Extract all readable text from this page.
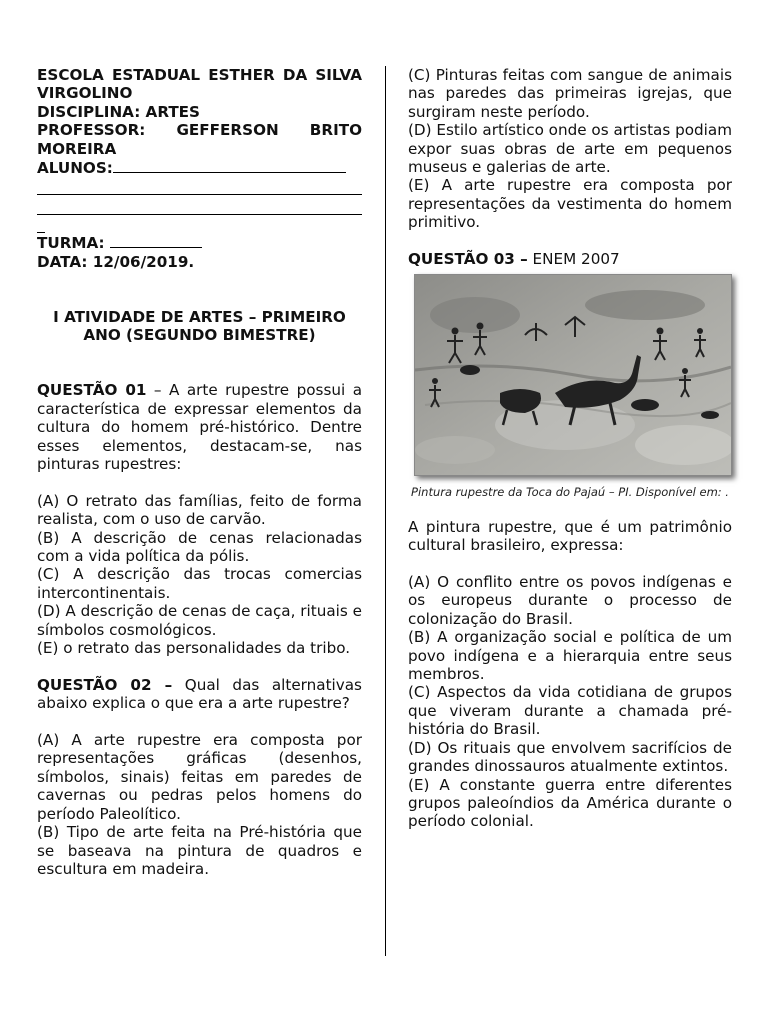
ESCOLA ESTADUAL ESTHER DA SILVA VIRGOLINO

DISCIPLINA: ARTES

PROFESSOR: GEFFERSON BRITO MOREIRA

ALUNOS:

TURMA:

DATA: 12/06/2019.

I ATIVIDADE DE ARTES – PRIMEIRO ANO (SEGUNDO BIMESTRE)

QUESTÃO 01 – A arte rupestre possui a característica de expressar elementos da cultura do homem pré-histórico. Dentre esses elementos, destacam-se, nas pinturas rupestres:

(A) O retrato das famílias, feito de forma realista, com o uso de carvão.

(B) A descrição de cenas relacionadas com a vida política da pólis.

(C) A descrição das trocas comercias intercontinentais.

(D) A descrição de cenas de caça, rituais e símbolos cosmológicos.

(E) o retrato das personalidades da tribo.

QUESTÃO 02 – Qual das alternativas abaixo explica o que era a arte rupestre?

(A) A arte rupestre era composta por representações gráficas (desenhos, símbolos, sinais) feitas em paredes de cavernas ou pedras pelos homens do período Paleolítico.

(B) Tipo de arte feita na Pré-história que se baseava na pintura de quadros e escultura em madeira.

(C) Pinturas feitas com sangue de animais nas paredes das primeiras igrejas, que surgiram neste período.

(D) Estilo artístico onde os artistas podiam expor suas obras de arte em pequenos museus e galerias de arte.

(E) A arte rupestre era composta por representações da vestimenta do homem primitivo.

QUESTÃO 03 – ENEM 2007

Pintura rupestre da Toca do Pajaú – PI. Disponível em: .

A pintura rupestre, que é um patrimônio cultural brasileiro, expressa:

(A) O conflito entre os povos indígenas e os europeus durante o processo de colonização do Brasil.

(B) A organização social e política de um povo indígena e a hierarquia entre seus membros.

(C) Aspectos da vida cotidiana de grupos que viveram durante a chamada pré-história do Brasil.

(D) Os rituais que envolvem sacrifícios de grandes dinossauros atualmente extintos.

(E) A constante guerra entre diferentes grupos paleoíndios da América durante o período colonial.
